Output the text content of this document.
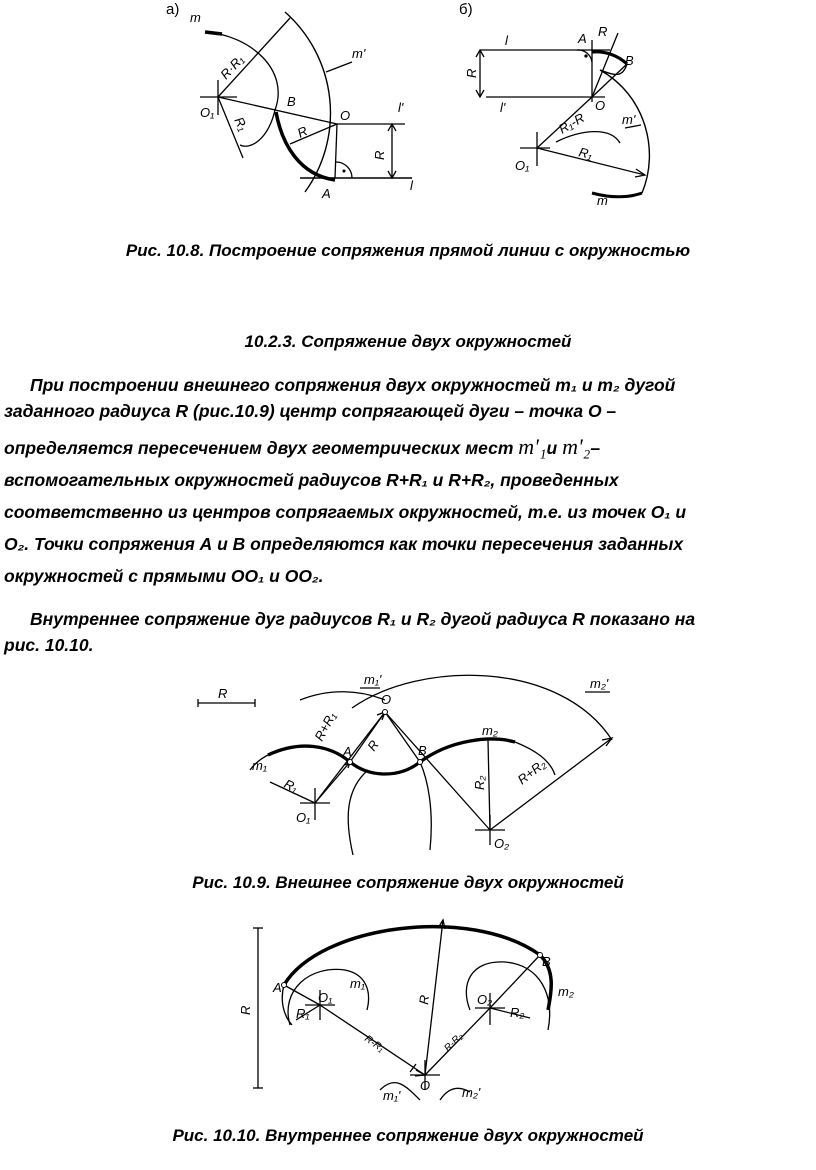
а) m
m'
l'
l
O₁	O
A
B
R·R₁
R₁	R
R
б)
l
l'
R
A R
B
O
R₁-R	m'
O₁
R₁
m
Рис. 10.8. Построение сопряжения прямой линии с окружностью
10.2.3. Сопряжение двух окружностей
При построении внешнего сопряжения двух окружностей m₁ и m₂ дугой
заданного радиуса R (рис.10.9) центр сопрягающей дуги – точка О –
определяется пересечением двух геометрических мест m'₁и m'₂–
вспомогательных окружностей радиусов R+R₁ и R+R₂, проведенных
соответственно из центров сопрягаемых окружностей, т.е. из точек О₁ и
О₂. Точки сопряжения А и В определяются как точки пересечения заданных
окружностей с прямыми ОО₁ и ОО₂.
Внутреннее сопряжение дуг радиусов R₁ и R₂ дугой радиуса R показано на
рис. 10.10.
R
m₁'	m₂'
O
R+R₁
R
A	B
m₁
m₂
R₁	R₂ R+R₂
O₁
O₂
Рис. 10.9. Внешнее сопряжение двух окружностей
R
A
B
O₁	O₂
O
m₁
m₂
R₁	R₂
R-R₁	R-R₂
R
m₁'	m₂'
Рис. 10.10. Внутреннее сопряжение двух окружностей
